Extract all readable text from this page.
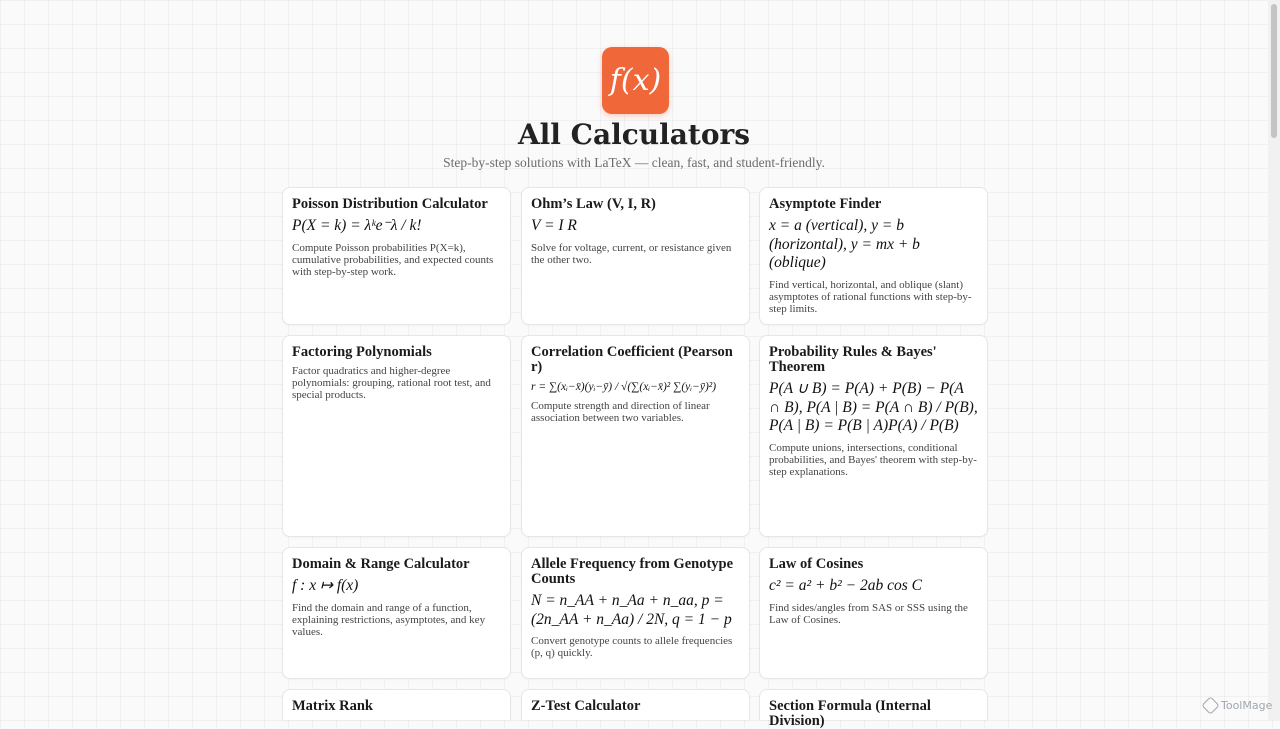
f(x)
All Calculators

Step-by-step solutions with LaTeX — clean, fast, and student-friendly.

Poisson Distribution Calculator
P(X = k) = λᵏe⁻λ / k!
Compute Poisson probabilities P(X=k), cumulative probabilities, and expected counts with step-by-step work.
Ohm’s Law (V, I, R)
V = I R
Solve for voltage, current, or resistance given the other two.
Asymptote Finder
x = a (vertical), y = b (horizontal), y = mx + b (oblique)
Find vertical, horizontal, and oblique (slant) asymptotes of rational functions with step-by-step limits.
Factoring Polynomials
Factor quadratics and higher-degree polynomials: grouping, rational root test, and special products.
Correlation Coefficient (Pearson r)
r = ∑(xᵢ−x̄)(yᵢ−ȳ) / √(∑(xᵢ−x̄)² ∑(yᵢ−ȳ)²)
Compute strength and direction of linear association between two variables.
Probability Rules & Bayes' Theorem
P(A ∪ B) = P(A) + P(B) − P(A ∩ B), P(A | B) = P(A ∩ B) / P(B), P(A | B) = P(B | A)P(A) / P(B)
Compute unions, intersections, conditional probabilities, and Bayes' theorem with step-by-step explanations.
Domain & Range Calculator
f : x ↦ f(x)
Find the domain and range of a function, explaining restrictions, asymptotes, and key values.
Allele Frequency from Genotype Counts
N = n_AA + n_Aa + n_aa, p = (2n_AA + n_Aa) / 2N, q = 1 − p
Convert genotype counts to allele frequencies (p, q) quickly.
Law of Cosines
c² = a² + b² − 2ab cos C
Find sides/angles from SAS or SSS using the Law of Cosines.
Matrix Rank	Z-Test Calculator	Section Formula (Internal Division)
ToolMage
